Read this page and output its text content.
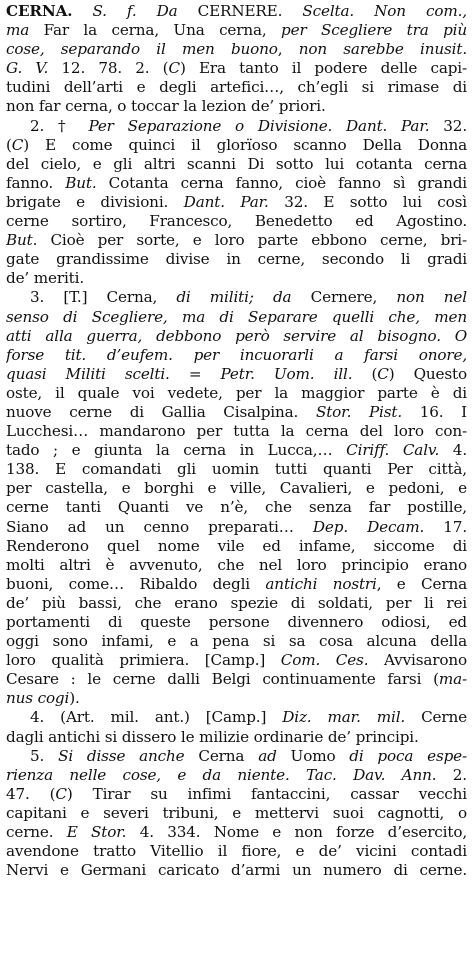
CERNA. S. f. Da CERNERE. Scelta. Non com.,
ma Far la cerna, Una cerna, per Scegliere tra più
cose, separando il men buono, non sarebbe inusit.
G. V. 12. 78. 2. (C) Era tanto il podere delle capi-
tudini dell’arti e degli artefici…, ch’egli si rimase di
non far cerna, o toccar la lezion de’ priori.
2. † Per Separazione o Divisione. Dant. Par. 32.
(C) E come quinci il glorïoso scanno Della Donna
del cielo, e gli altri scanni Di sotto lui cotanta cerna
fanno. But. Cotanta cerna fanno, cioè fanno sì grandi
brigate e divisioni. Dant. Par. 32. E sotto lui così
cerne sortiro, Francesco, Benedetto ed Agostino.
But. Cioè per sorte, e loro parte ebbono cerne, bri-
gate grandissime divise in cerne, secondo li gradi
de’ meriti.
3. [T.] Cerna, di militi; da Cernere, non nel
senso di Scegliere, ma di Separare quelli che, men
atti alla guerra, debbono però servire al bisogno. O
forse tit. d’eufem. per incuorarli a farsi onore,
quasi Militi scelti. = Petr. Uom. ill. (C) Questo
oste, il quale voi vedete, per la maggior parte è di
nuove cerne di Gallia Cisalpina. Stor. Pist. 16. I
Lucchesi… mandarono per tutta la cerna del loro con-
tado ; e giunta la cerna in Lucca,… Ciriff. Calv. 4.
138. E comandati gli uomin tutti quanti Per città,
per castella, e borghi e ville, Cavalieri, e pedoni, e
cerne tanti Quanti ve n’è, che senza far postille,
Siano ad un cenno preparati… Dep. Decam. 17.
Renderono quel nome vile ed infame, siccome di
molti altri è avvenuto, che nel loro principio erano
buoni, come… Ribaldo degli antichi nostri, e Cerna
de’ più bassi, che erano spezie di soldati, per li rei
portamenti di queste persone divennero odiosi, ed
oggi sono infami, e a pena si sa cosa alcuna della
loro qualità primiera. [Camp.] Com. Ces. Avvisarono
Cesare : le cerne dalli Belgi continuamente farsi (ma-
nus cogi).
4. (Art. mil. ant.) [Camp.] Diz. mar. mil. Cerne
dagli antichi si dissero le milizie ordinarie de’ principi.
5. Si disse anche Cerna ad Uomo di poca espe-
rienza nelle cose, e da niente. Tac. Dav. Ann. 2.
47. (C) Tirar su infimi fantaccini, cassar vecchi
capitani e severi tribuni, e mettervi suoi cagnotti, o
cerne. E Stor. 4. 334. Nome e non forze d’esercito,
avendone tratto Vitellio il fiore, e de’ vicini contadi
Nervi e Germani caricato d’armi un numero di cerne.
